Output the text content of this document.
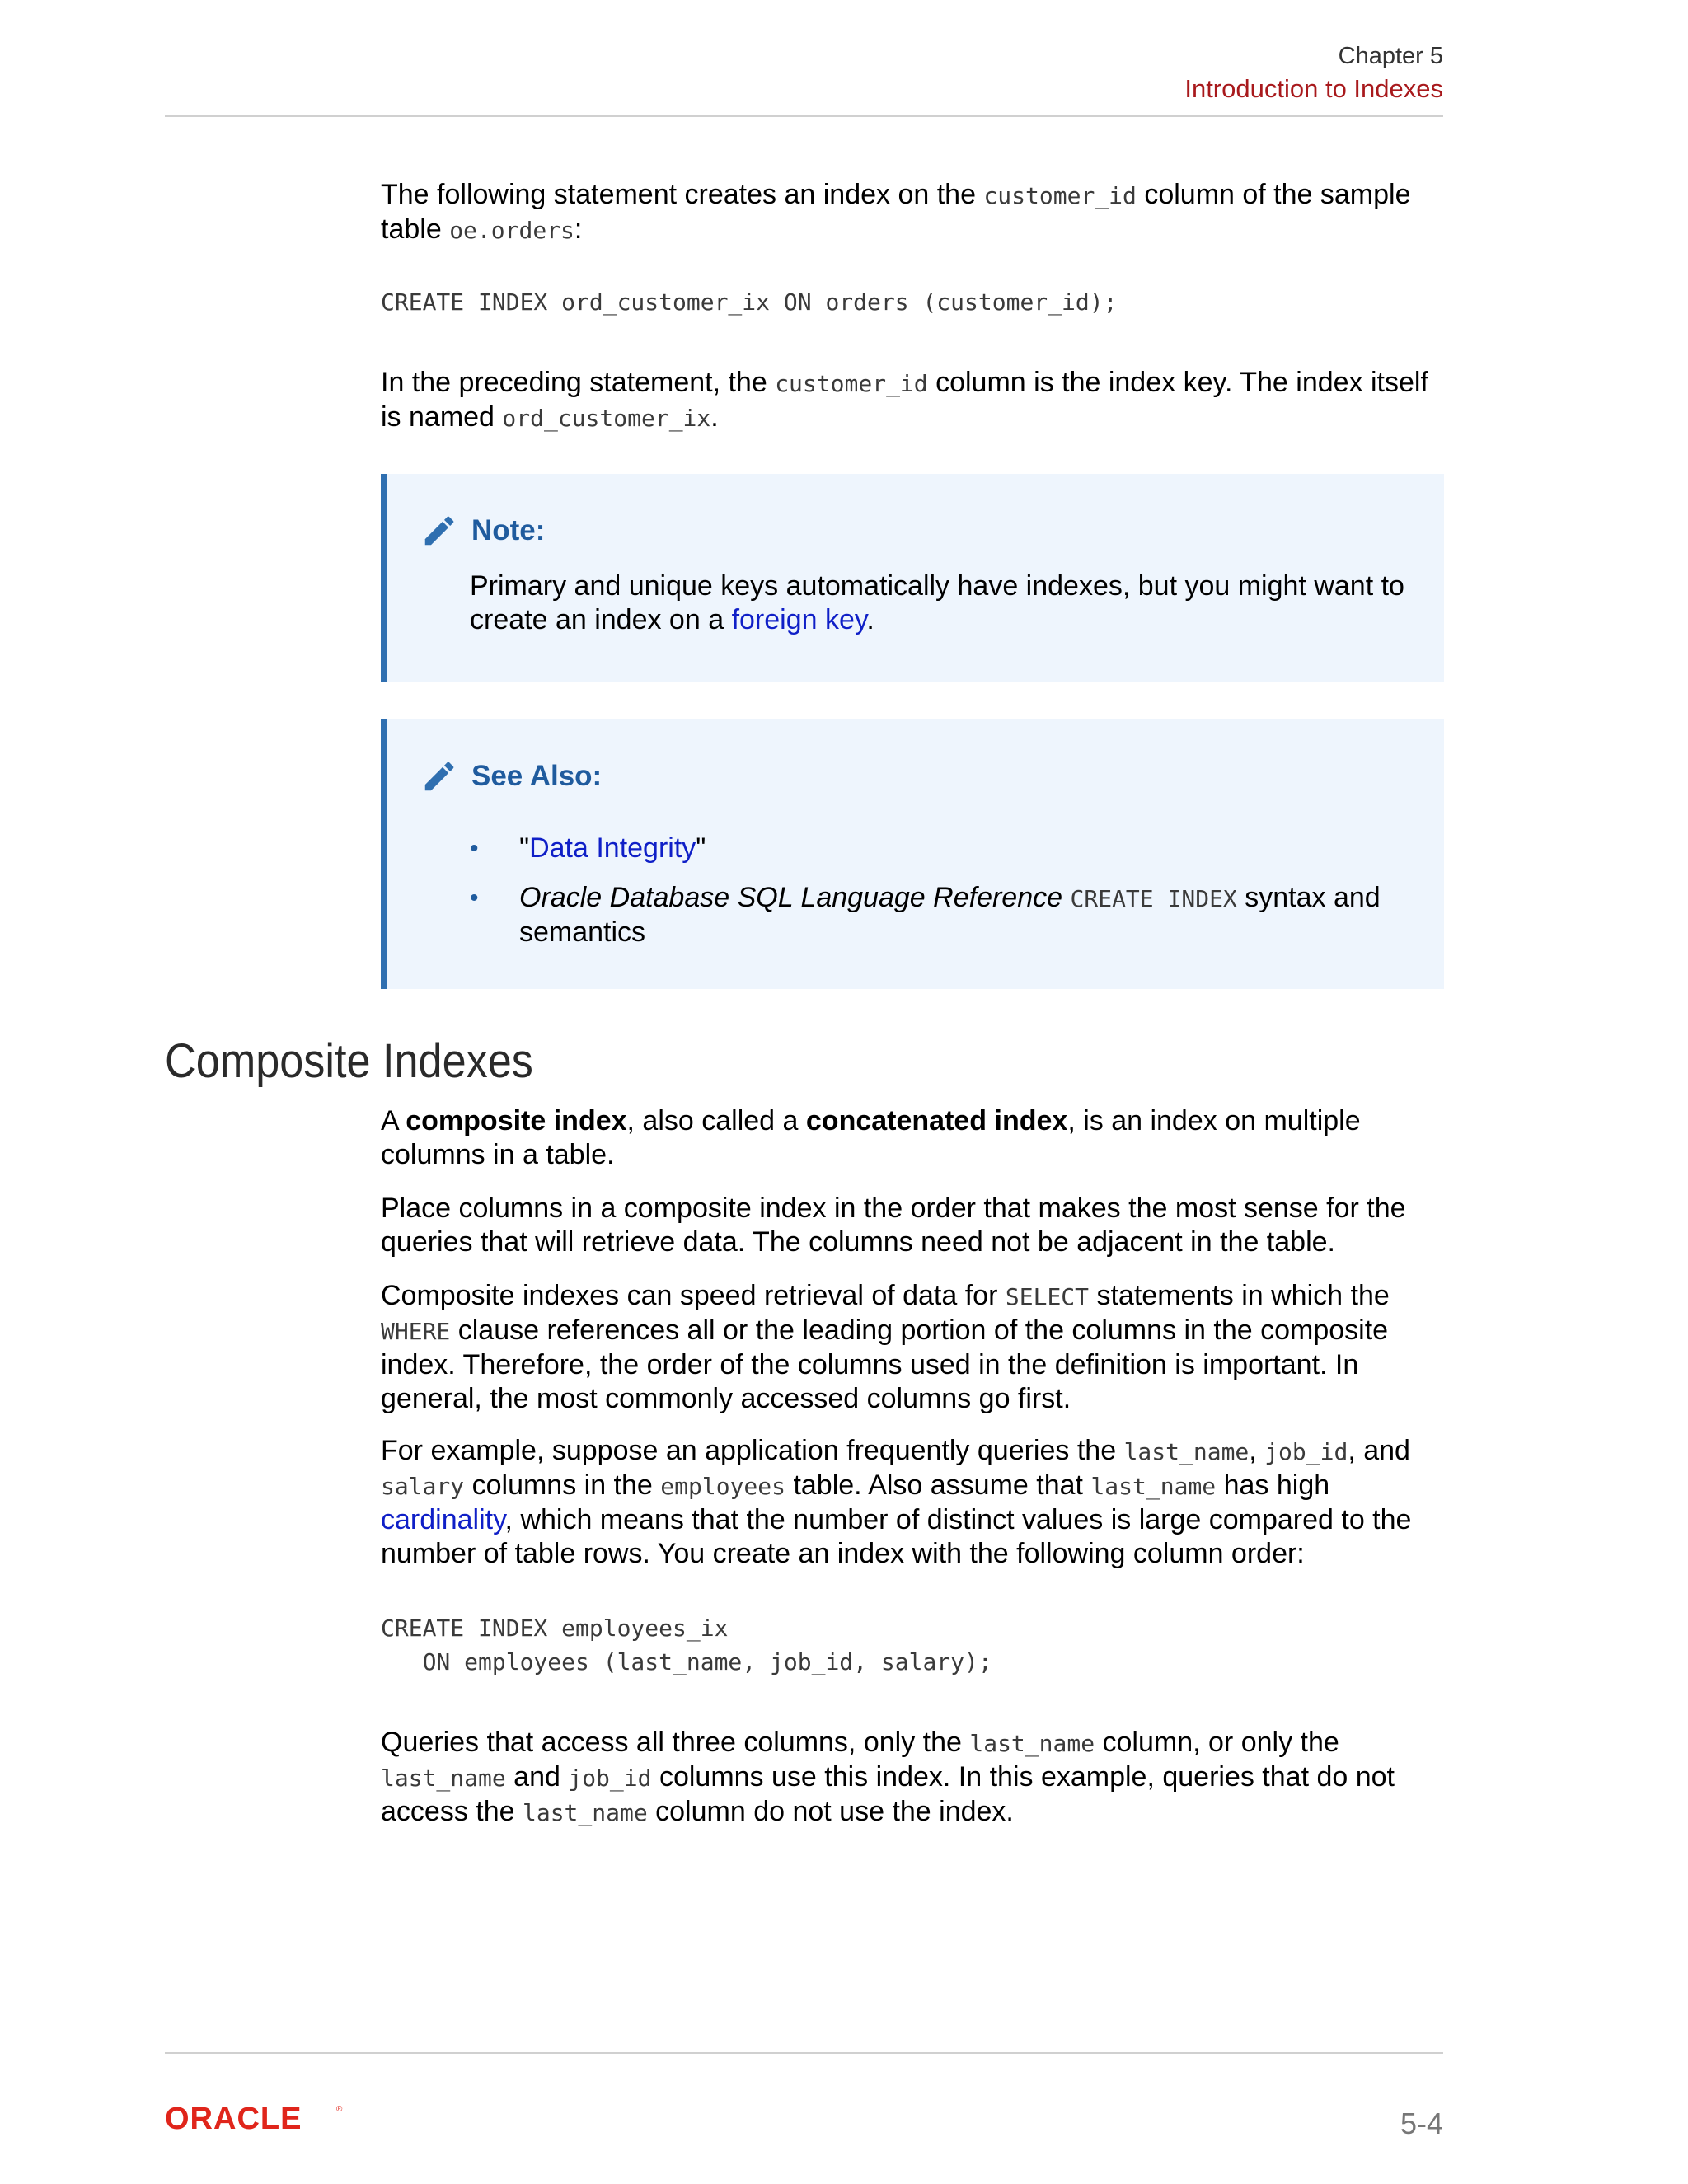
Chapter 5
Introduction to Indexes

The following statement creates an index on the customer_id column of the sample
table oe.orders:

CREATE INDEX ord_customer_ix ON orders (customer_id);

In the preceding statement, the customer_id column is the index key. The index itself
is named ord_customer_ix.

Note:

Primary and unique keys automatically have indexes, but you might want to
create an index on a foreign key.

See Also:
• "Data Integrity"
• Oracle Database SQL Language Reference CREATE INDEX syntax and
semantics
Composite Indexes

A composite index, also called a concatenated index, is an index on multiple
columns in a table.

Place columns in a composite index in the order that makes the most sense for the
queries that will retrieve data. The columns need not be adjacent in the table.

Composite indexes can speed retrieval of data for SELECT statements in which the
WHERE clause references all or the leading portion of the columns in the composite
index. Therefore, the order of the columns used in the definition is important. In
general, the most commonly accessed columns go first.

For example, suppose an application frequently queries the last_name, job_id, and
salary columns in the employees table. Also assume that last_name has high
cardinality, which means that the number of distinct values is large compared to the
number of table rows. You create an index with the following column order:

CREATE INDEX employees_ix
ON employees (last_name, job_id, salary);

Queries that access all three columns, only the last_name column, or only the
last_name and job_id columns use this index. In this example, queries that do not
access the last_name column do not use the index.

ORACLE	®	5-4
